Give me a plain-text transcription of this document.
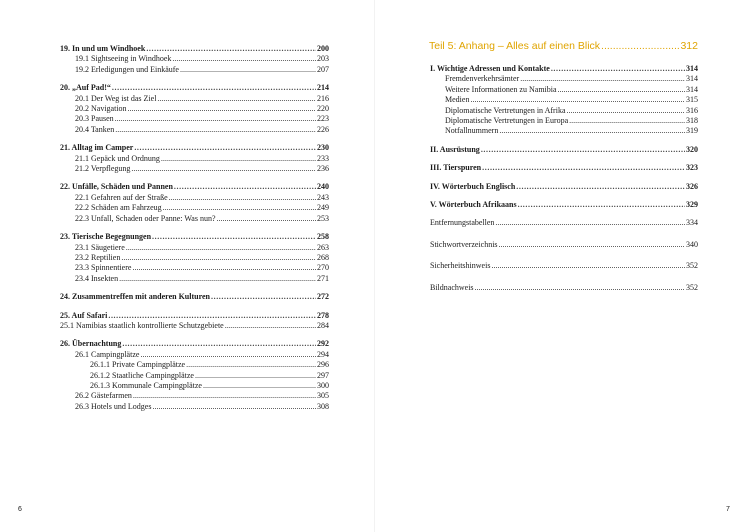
19. In und um Windhoek .....	200
19.1 Sightseeing in Windhoek .....	203
19.2 Erledigungen und Einkäufe .....	207
20. „Auf Pad!“ .....	214
20.1 Der Weg ist das Ziel .....	216
20.2 Navigation .....	220
20.3 Pausen .....	223
20.4 Tanken .....	226
21. Alltag im Camper .....	230
21.1 Gepäck und Ordnung .....	233
21.2 Verpflegung .....	236
22. Unfälle, Schäden und Pannen .....	240
22.1 Gefahren auf der Straße .....	243
22.2 Schäden am Fahrzeug .....	249
22.3 Unfall, Schaden oder Panne: Was nun? .....	253
23. Tierische Begegnungen .....	258
23.1 Säugetiere .....	263
23.2 Reptilien .....	268
23.3 Spinnentiere .....	270
23.4 Insekten .....	271
24. Zusammentreffen mit anderen Kulturen .....	272
25. Auf Safari .....	278
25.1 Namibias staatlich kontrollierte Schutzgebiete .....	284
26. Übernachtung .....	292
26.1 Campingplätze .....	294
26.1.1 Private Campingplätze .....	296
26.1.2 Staatliche Campingplätze .....	297
26.1.3 Kommunale Campingplätze .....	300
26.2 Gästefarmen .....	305
26.3 Hotels und Lodges .....	308
6
Teil 5: Anhang – Alles auf einen Blick .....	312
I. Wichtige Adressen und Kontakte .....	314
Fremdenverkehrsämter .....	314
Weitere Informationen zu Namibia .....	314
Medien .....	315
Diplomatische Vertretungen in Afrika .....	316
Diplomatische Vertretungen in Europa .....	318
Notfallnummern .....	319
II. Ausrüstung .....	320
III. Tierspuren .....	323
IV. Wörterbuch Englisch .....	326
V. Wörterbuch Afrikaans .....	329
Entfernungstabellen .....	334
Stichwortverzeichnis .....	340
Sicherheitshinweis .....	352
Bildnachweis .....	352
7
